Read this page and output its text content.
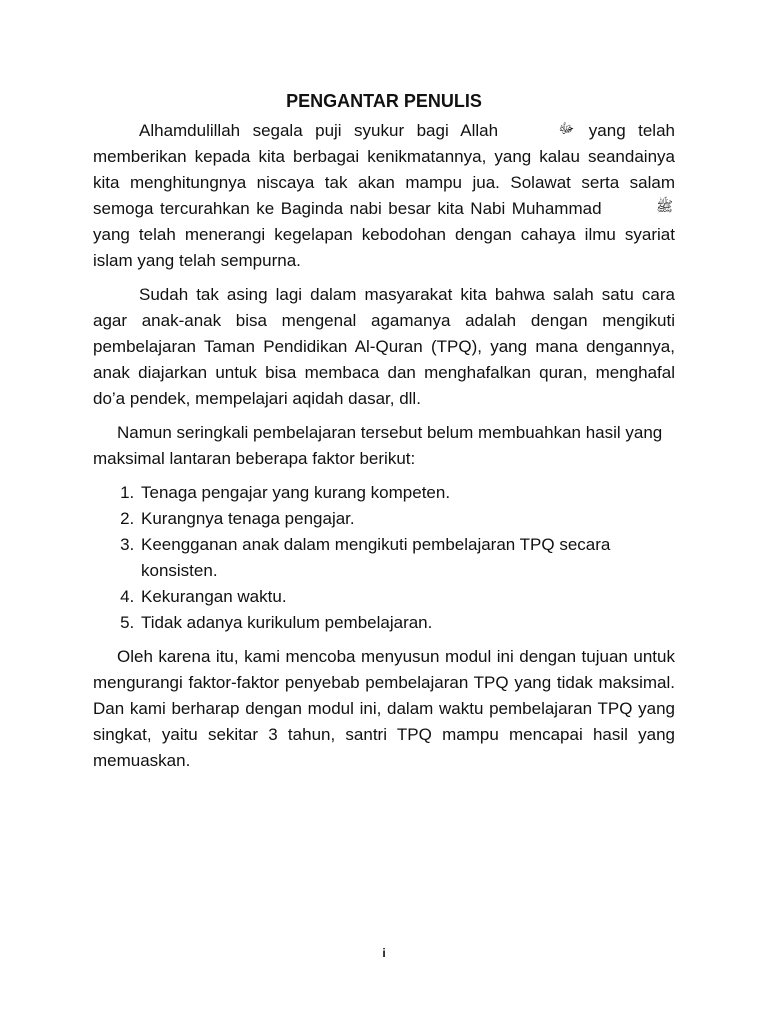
PENGANTAR PENULIS

Alhamdulillah segala puji syukur bagi Allah	ﷻ yang telah memberikan kepada kita berbagai kenikmatannya, yang kalau seandainya kita menghitungnya niscaya tak akan mampu jua. Solawat serta salam semoga tercurahkan ke Baginda nabi besar kita Nabi Muhammad	ﷺ yang telah menerangi kegelapan kebodohan dengan cahaya ilmu syariat islam yang telah sempurna.

Sudah tak asing lagi dalam masyarakat kita bahwa salah satu cara agar anak-anak bisa mengenal agamanya adalah dengan mengikuti pembelajaran Taman Pendidikan Al-Quran (TPQ), yang mana dengannya, anak diajarkan untuk bisa membaca dan menghafalkan quran, menghafal do’a pendek, mempelajari aqidah dasar, dll.

Namun seringkali pembelajaran tersebut belum membuahkan hasil yang maksimal lantaran beberapa faktor berikut:

1. Tenaga pengajar yang kurang kompeten.
2. Kurangnya tenaga pengajar.
3. Keengganan anak dalam mengikuti pembelajaran TPQ secara konsisten.
4. Kekurangan waktu.
5. Tidak adanya kurikulum pembelajaran.

Oleh karena itu, kami mencoba menyusun modul ini dengan tujuan untuk mengurangi faktor-faktor penyebab pembelajaran TPQ yang tidak maksimal. Dan kami berharap dengan modul ini, dalam waktu pembelajaran TPQ yang singkat, yaitu sekitar 3 tahun, santri TPQ mampu mencapai hasil yang memuaskan.

i
